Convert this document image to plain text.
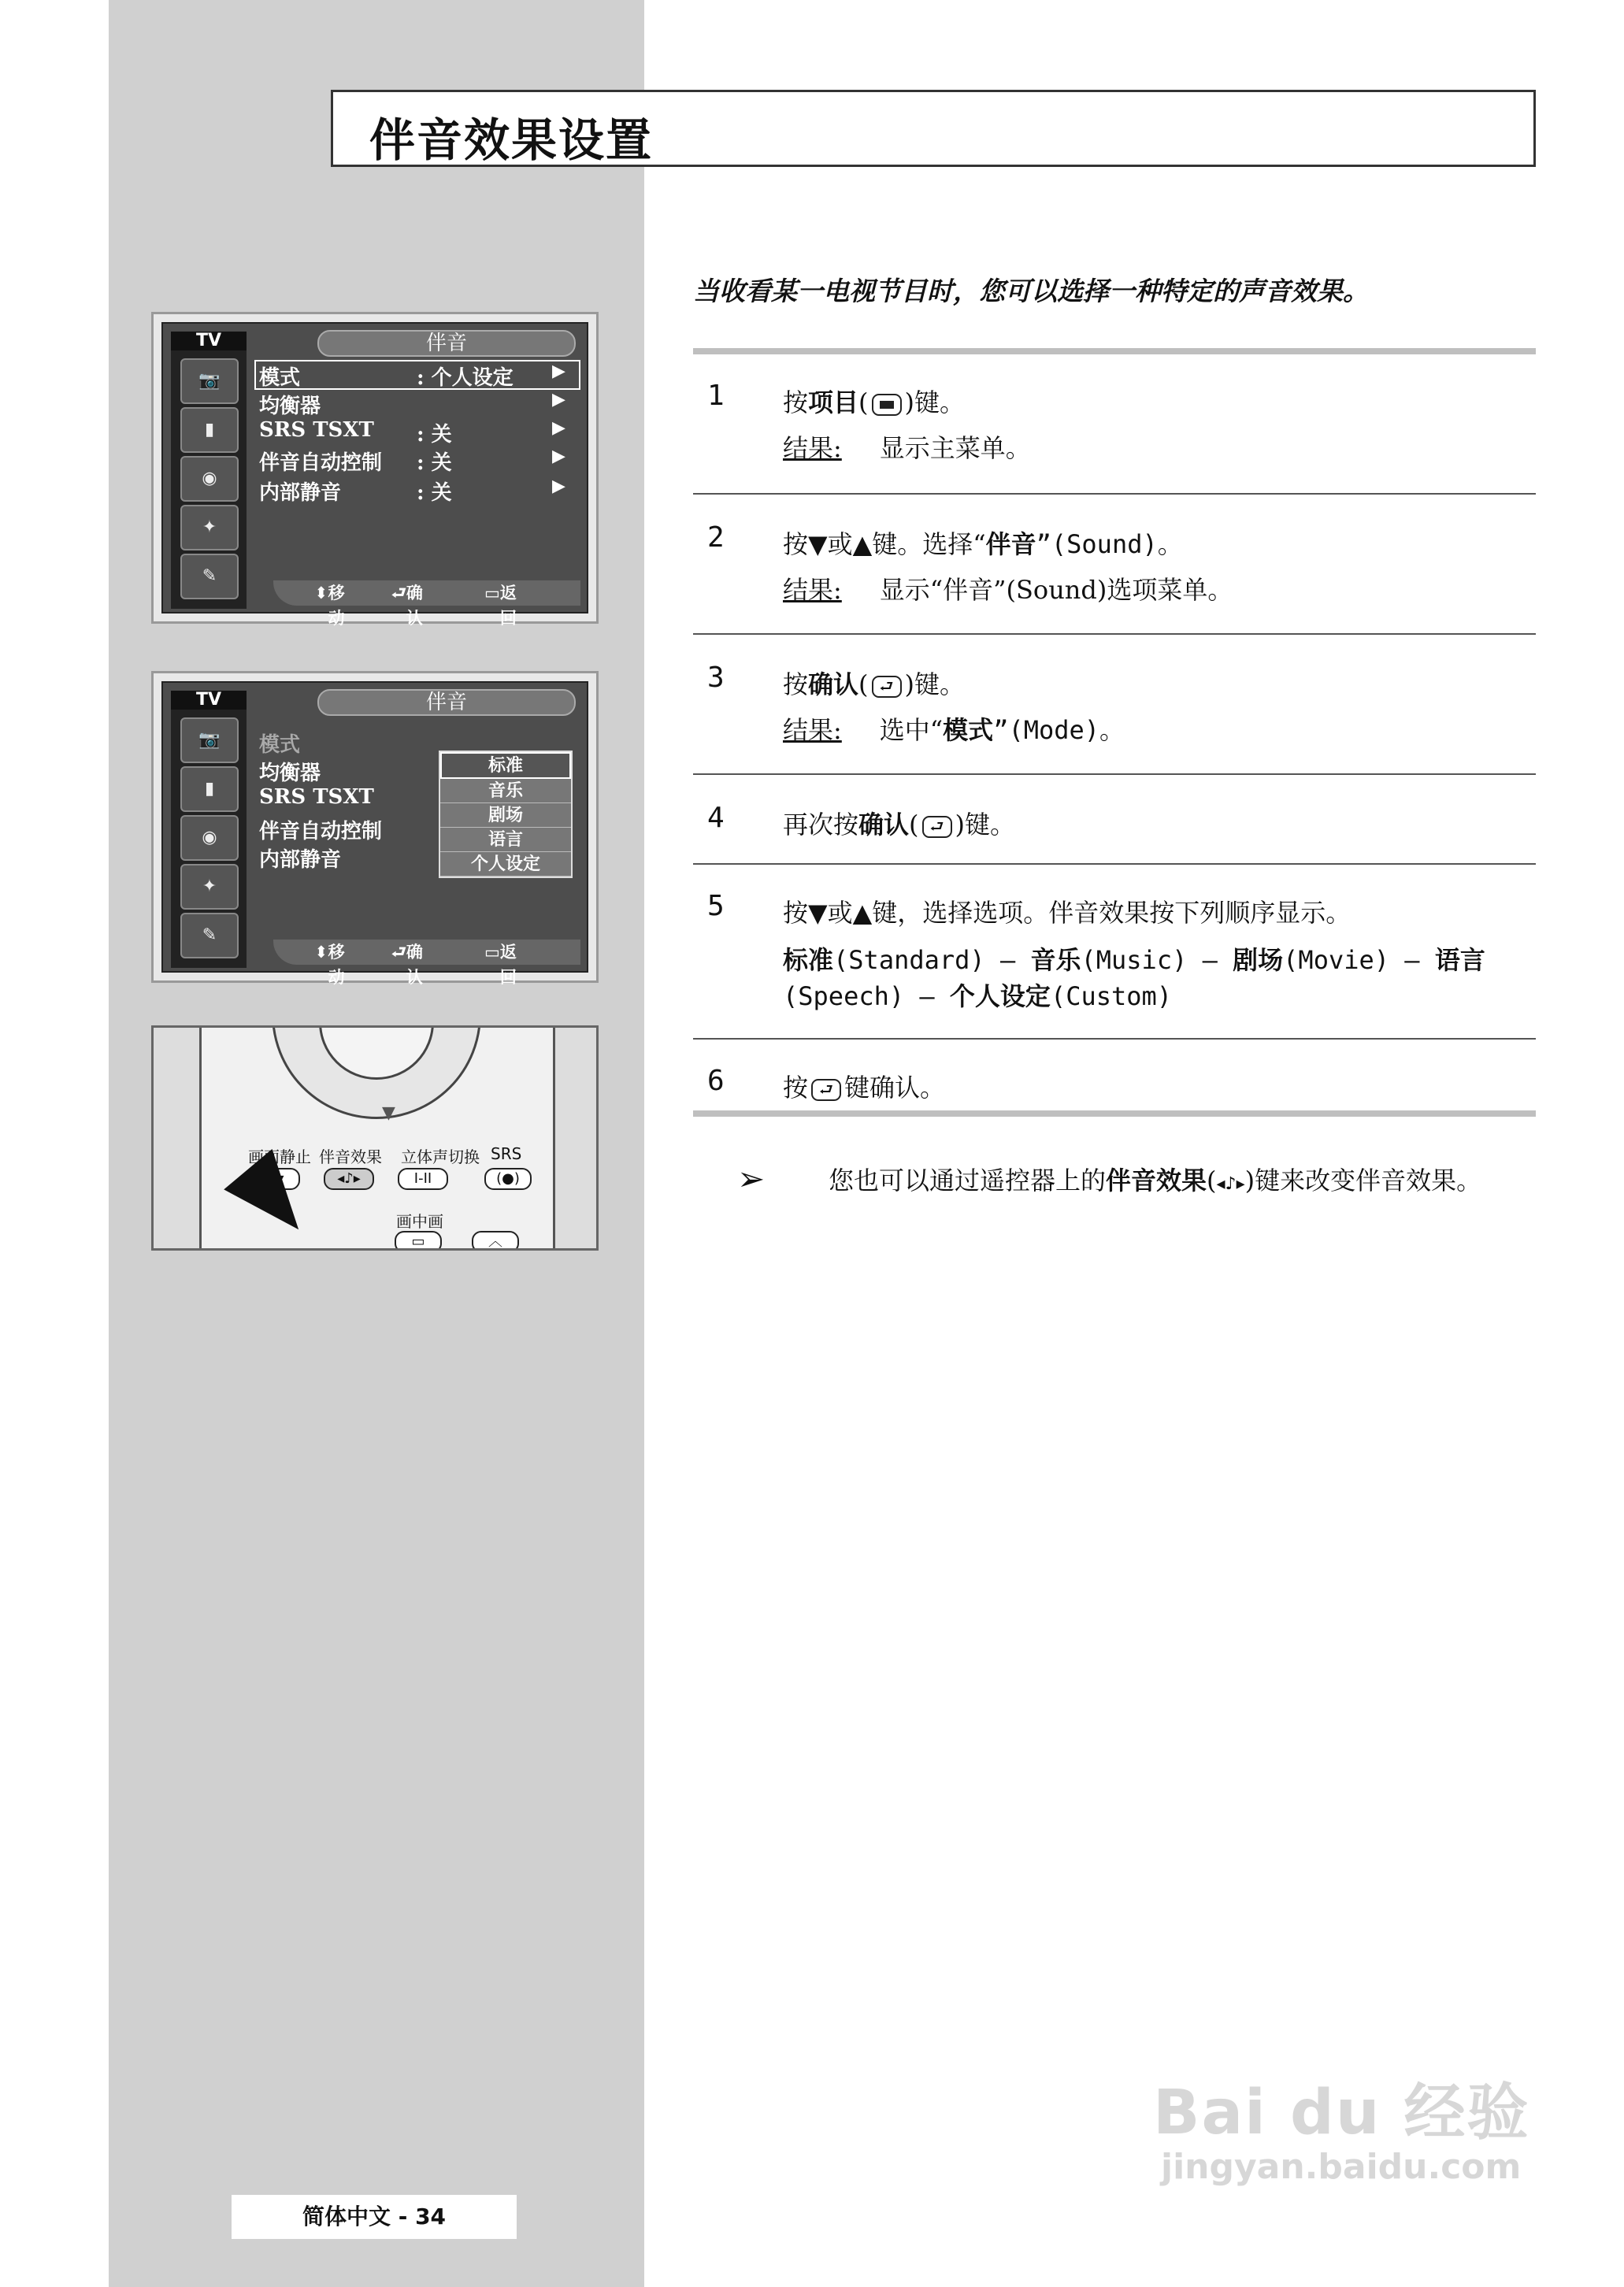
伴音效果设置
当收看某一电视节目时，您可以选择一种特定的声音效果。
1 按项目( )键。
结果: 显示主菜单。
2 按▼或▲键。选择“伴音”(Sound)。
结果: 显示“伴音”(Sound)选项菜单。
3 按确认( ⮐ )键。
结果: 选中“模式”(Mode)。
4 再次按确认( ⮐ )键。
5 按▼或▲键，选择选项。伴音效果按下列顺序显示。
标准(Standard) – 音乐(Music) – 剧场(Movie) – 语言(Speech) – 个人设定(Custom)
6 按 ⮐ 键确认。
➢	您也可以通过遥控器上的伴音效果(◂♪▸)键来改变伴音效果。
TV
📷
▮
◉
✦
✎
伴音
模式	: 个人设定 ▶
均衡器	▶
SRS TSXT : 关	▶
伴音自动控制 : 关	▶
内部静音	: 关	▶
⬍ 移动
⮐ 确认
▭ 返回
TV
📷
▮
◉
✦
✎
伴音
模式
均衡器
SRS TSXT
伴音自动控制
内部静音
标准
音乐
剧场
语言
个人设定
⬍ 移动
⮐ 确认
▭ 返回
▼
画面静止 伴音效果 立体声切换 SRS
▾	◂♪▸	I-II	(●)
画中画
▭	︿
简体中文 - 34
Bai du 经验
jingyan.baidu.com
